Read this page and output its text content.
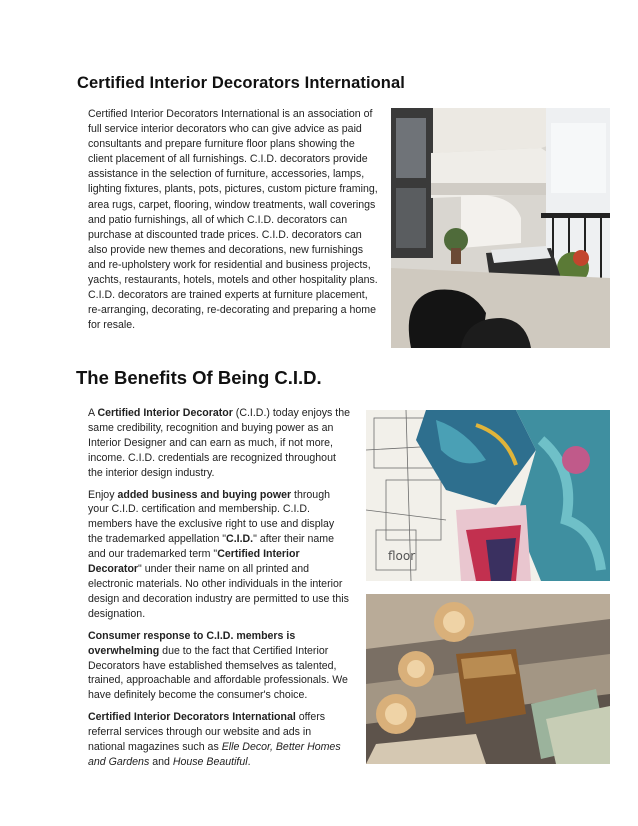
Certified Interior Decorators International
Certified Interior Decorators International is an association of full service interior decorators who can give advice as paid consultants and prepare furniture floor plans showing the client placement of all furnishings. C.I.D. decorators provide assistance in the selection of furniture, accessories, lamps, lighting fixtures, plants, pots, pictures, custom picture framing, area rugs, carpet, flooring, window treatments, wall coverings and patio furnishings, all of which C.I.D. decorators can purchase at discounted trade prices. C.I.D. decorators can also provide new themes and decorations, new furnishings and re-upholstery work for residential and business projects, yachts, restaurants, hotels, motels and other hospitality plans. C.I.D. decorators are trained experts at furniture placement, re-arranging, decorating, re-decorating and preparing a home for resale.
The Benefits Of Being C.I.D.

A Certified Interior Decorator (C.I.D.) today enjoys the same credibility, recognition and buying power as an Interior Designer and can earn as much, if not more, income. C.I.D. credentials are recognized throughout the interior design industry.

Enjoy added business and buying power through your C.I.D. certification and membership. C.I.D. members have the exclusive right to use and display the trademarked appellation "C.I.D." after their name and our trademarked term "Certified Interior Decorator" under their name on all printed and electronic materials. No other individuals in the interior design and decoration industry are permitted to use this designation.

Consumer response to C.I.D. members is overwhelming due to the fact that Certified Interior Decorators have established themselves as talented, trained, approachable and affordable professionals. We have definitely become the consumer's choice.

Certified Interior Decorators International offers referral services through our website and ads in national magazines such as Elle Decor, Better Homes and Gardens and House Beautiful.

floor
